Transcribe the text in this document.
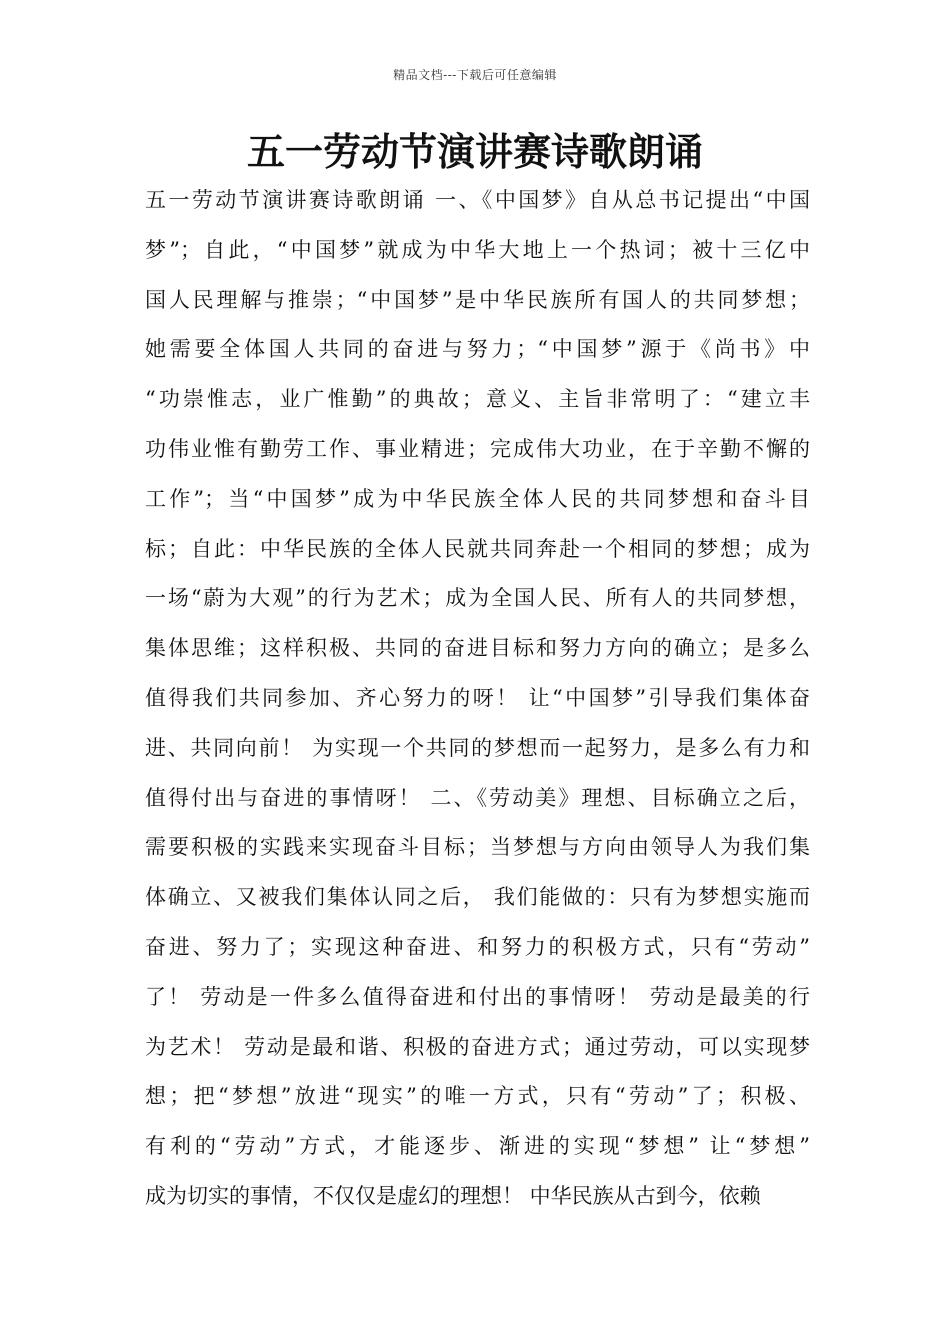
精品文档---下载后可任意编辑
五一劳动节演讲赛诗歌朗诵
五一劳动节演讲赛诗歌朗诵 一、《中国梦》自从总书记提出“中国
梦”；自此，“中国梦”就成为中华大地上一个热词；被十三亿中
国人民理解与推崇；“中国梦”是中华民族所有国人的共同梦想；
她需要全体国人共同的奋进与努力；“中国梦”源于《尚书》中
“功崇惟志，业广惟勤”的典故；意义、主旨非常明了：“建立丰
功伟业惟有勤劳工作、事业精进；完成伟大功业，在于辛勤不懈的
工作”；当“中国梦”成为中华民族全体人民的共同梦想和奋斗目
标；自此：中华民族的全体人民就共同奔赴一个相同的梦想；成为
一场“蔚为大观”的行为艺术；成为全国人民、所有人的共同梦想，
集体思维；这样积极、共同的奋进目标和努力方向的确立；是多么
值得我们共同参加、齐心努力的呀！ 让“中国梦”引导我们集体奋
进、共同向前！ 为实现一个共同的梦想而一起努力，是多么有力和
值得付出与奋进的事情呀！ 二、《劳动美》理想、目标确立之后，
需要积极的实践来实现奋斗目标；当梦想与方向由领导人为我们集
体确立、又被我们集体认同之后， 我们能做的：只有为梦想实施而
奋进、努力了；实现这种奋进、和努力的积极方式，只有“劳动”
了！ 劳动是一件多么值得奋进和付出的事情呀！ 劳动是最美的行
为艺术！ 劳动是最和谐、积极的奋进方式；通过劳动，可以实现梦
想；把“梦想”放进“现实”的唯一方式，只有“劳动”了；积极、
有利的“劳动”方式，才能逐步、渐进的实现“梦想” 让“梦想”
成为切实的事情，不仅仅是虚幻的理想！ 中华民族从古到今，依赖
